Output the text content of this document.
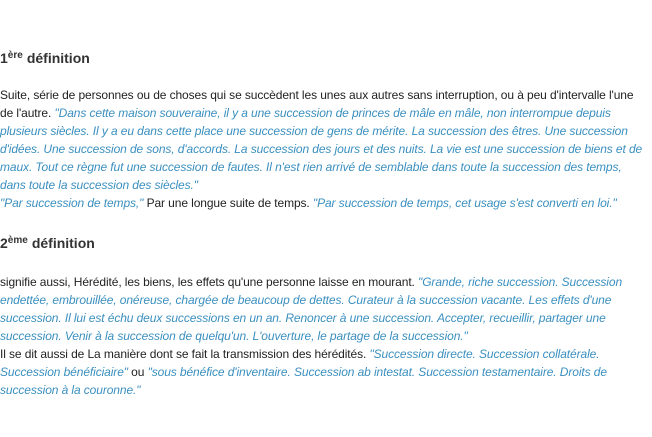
1ère définition

Suite, série de personnes ou de choses qui se succèdent les unes aux autres sans interruption, ou à peu d'intervalle l'une de l'autre. "Dans cette maison souveraine, il y a une succession de princes de mâle en mâle, non interrompue depuis plusieurs siècles. Il y a eu dans cette place une succession de gens de mérite. La succession des êtres. Une succession d'idées. Une succession de sons, d'accords. La succession des jours et des nuits. La vie est une succession de biens et de maux. Tout ce règne fut une succession de fautes. Il n'est rien arrivé de semblable dans toute la succession des temps, dans toute la succession des siècles."
"Par succession de temps," Par une longue suite de temps. "Par succession de temps, cet usage s'est converti en loi."

2ème définition

signifie aussi, Hérédité, les biens, les effets qu'une personne laisse en mourant. "Grande, riche succession. Succession endettée, embrouillée, onéreuse, chargée de beaucoup de dettes. Curateur à la succession vacante. Les effets d'une succession. Il lui est échu deux successions en un an. Renoncer à une succession. Accepter, recueillir, partager une succession. Venir à la succession de quelqu'un. L'ouverture, le partage de la succession."
Il se dit aussi de La manière dont se fait la transmission des hérédités. "Succession directe. Succession collatérale. Succession bénéficiaire" ou "sous bénéfice d'inventaire. Succession ab intestat. Succession testamentaire. Droits de succession à la couronne."
